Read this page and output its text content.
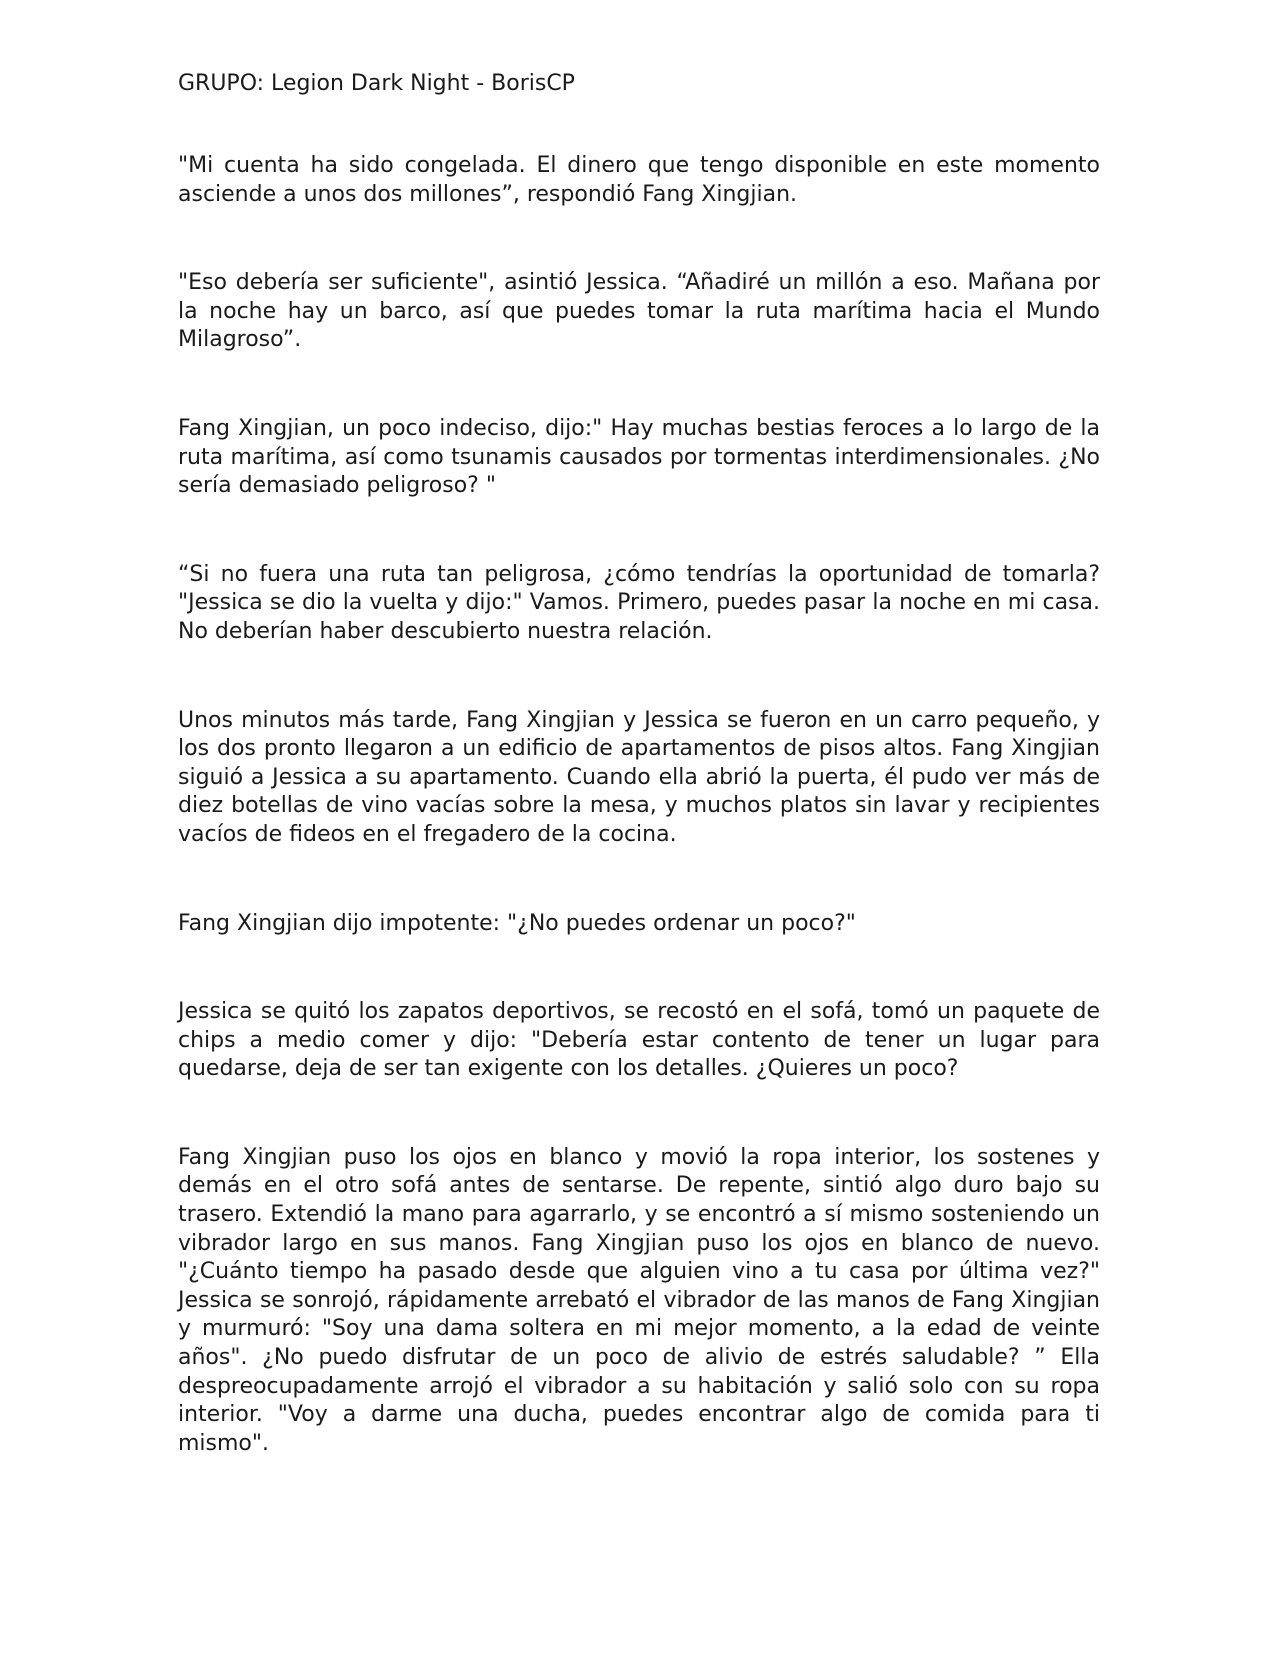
GRUPO: Legion Dark Night - BorisCP

"Mi cuenta ha sido congelada. El dinero que tengo disponible en este momento asciende a unos dos millones”, respondió Fang Xingjian.

"Eso debería ser suficiente", asintió Jessica. “Añadiré un millón a eso. Mañana por la noche hay un barco, así que puedes tomar la ruta marítima hacia el Mundo Milagroso”.

Fang Xingjian, un poco indeciso, dijo:" Hay muchas bestias feroces a lo largo de la ruta marítima, así como tsunamis causados por tormentas interdimensionales. ¿No sería demasiado peligroso? "

“Si no fuera una ruta tan peligrosa, ¿cómo tendrías la oportunidad de tomarla? "Jessica se dio la vuelta y dijo:" Vamos. Primero, puedes pasar la noche en mi casa. No deberían haber descubierto nuestra relación.

Unos minutos más tarde, Fang Xingjian y Jessica se fueron en un carro pequeño, y los dos pronto llegaron a un edificio de apartamentos de pisos altos. Fang Xingjian siguió a Jessica a su apartamento. Cuando ella abrió la puerta, él pudo ver más de diez botellas de vino vacías sobre la mesa, y muchos platos sin lavar y recipientes vacíos de fideos en el fregadero de la cocina.

Fang Xingjian dijo impotente: "¿No puedes ordenar un poco?"

Jessica se quitó los zapatos deportivos, se recostó en el sofá, tomó un paquete de chips a medio comer y dijo: "Debería estar contento de tener un lugar para quedarse, deja de ser tan exigente con los detalles. ¿Quieres un poco?

Fang Xingjian puso los ojos en blanco y movió la ropa interior, los sostenes y demás en el otro sofá antes de sentarse. De repente, sintió algo duro bajo su trasero. Extendió la mano para agarrarlo, y se encontró a sí mismo sosteniendo un vibrador largo en sus manos. Fang Xingjian puso los ojos en blanco de nuevo. "¿Cuánto tiempo ha pasado desde que alguien vino a tu casa por última vez?" Jessica se sonrojó, rápidamente arrebató el vibrador de las manos de Fang Xingjian y murmuró: "Soy una dama soltera en mi mejor momento, a la edad de veinte años". ¿No puedo disfrutar de un poco de alivio de estrés saludable? ” Ella despreocupadamente arrojó el vibrador a su habitación y salió solo con su ropa interior. "Voy a darme una ducha, puedes encontrar algo de comida para ti mismo".
